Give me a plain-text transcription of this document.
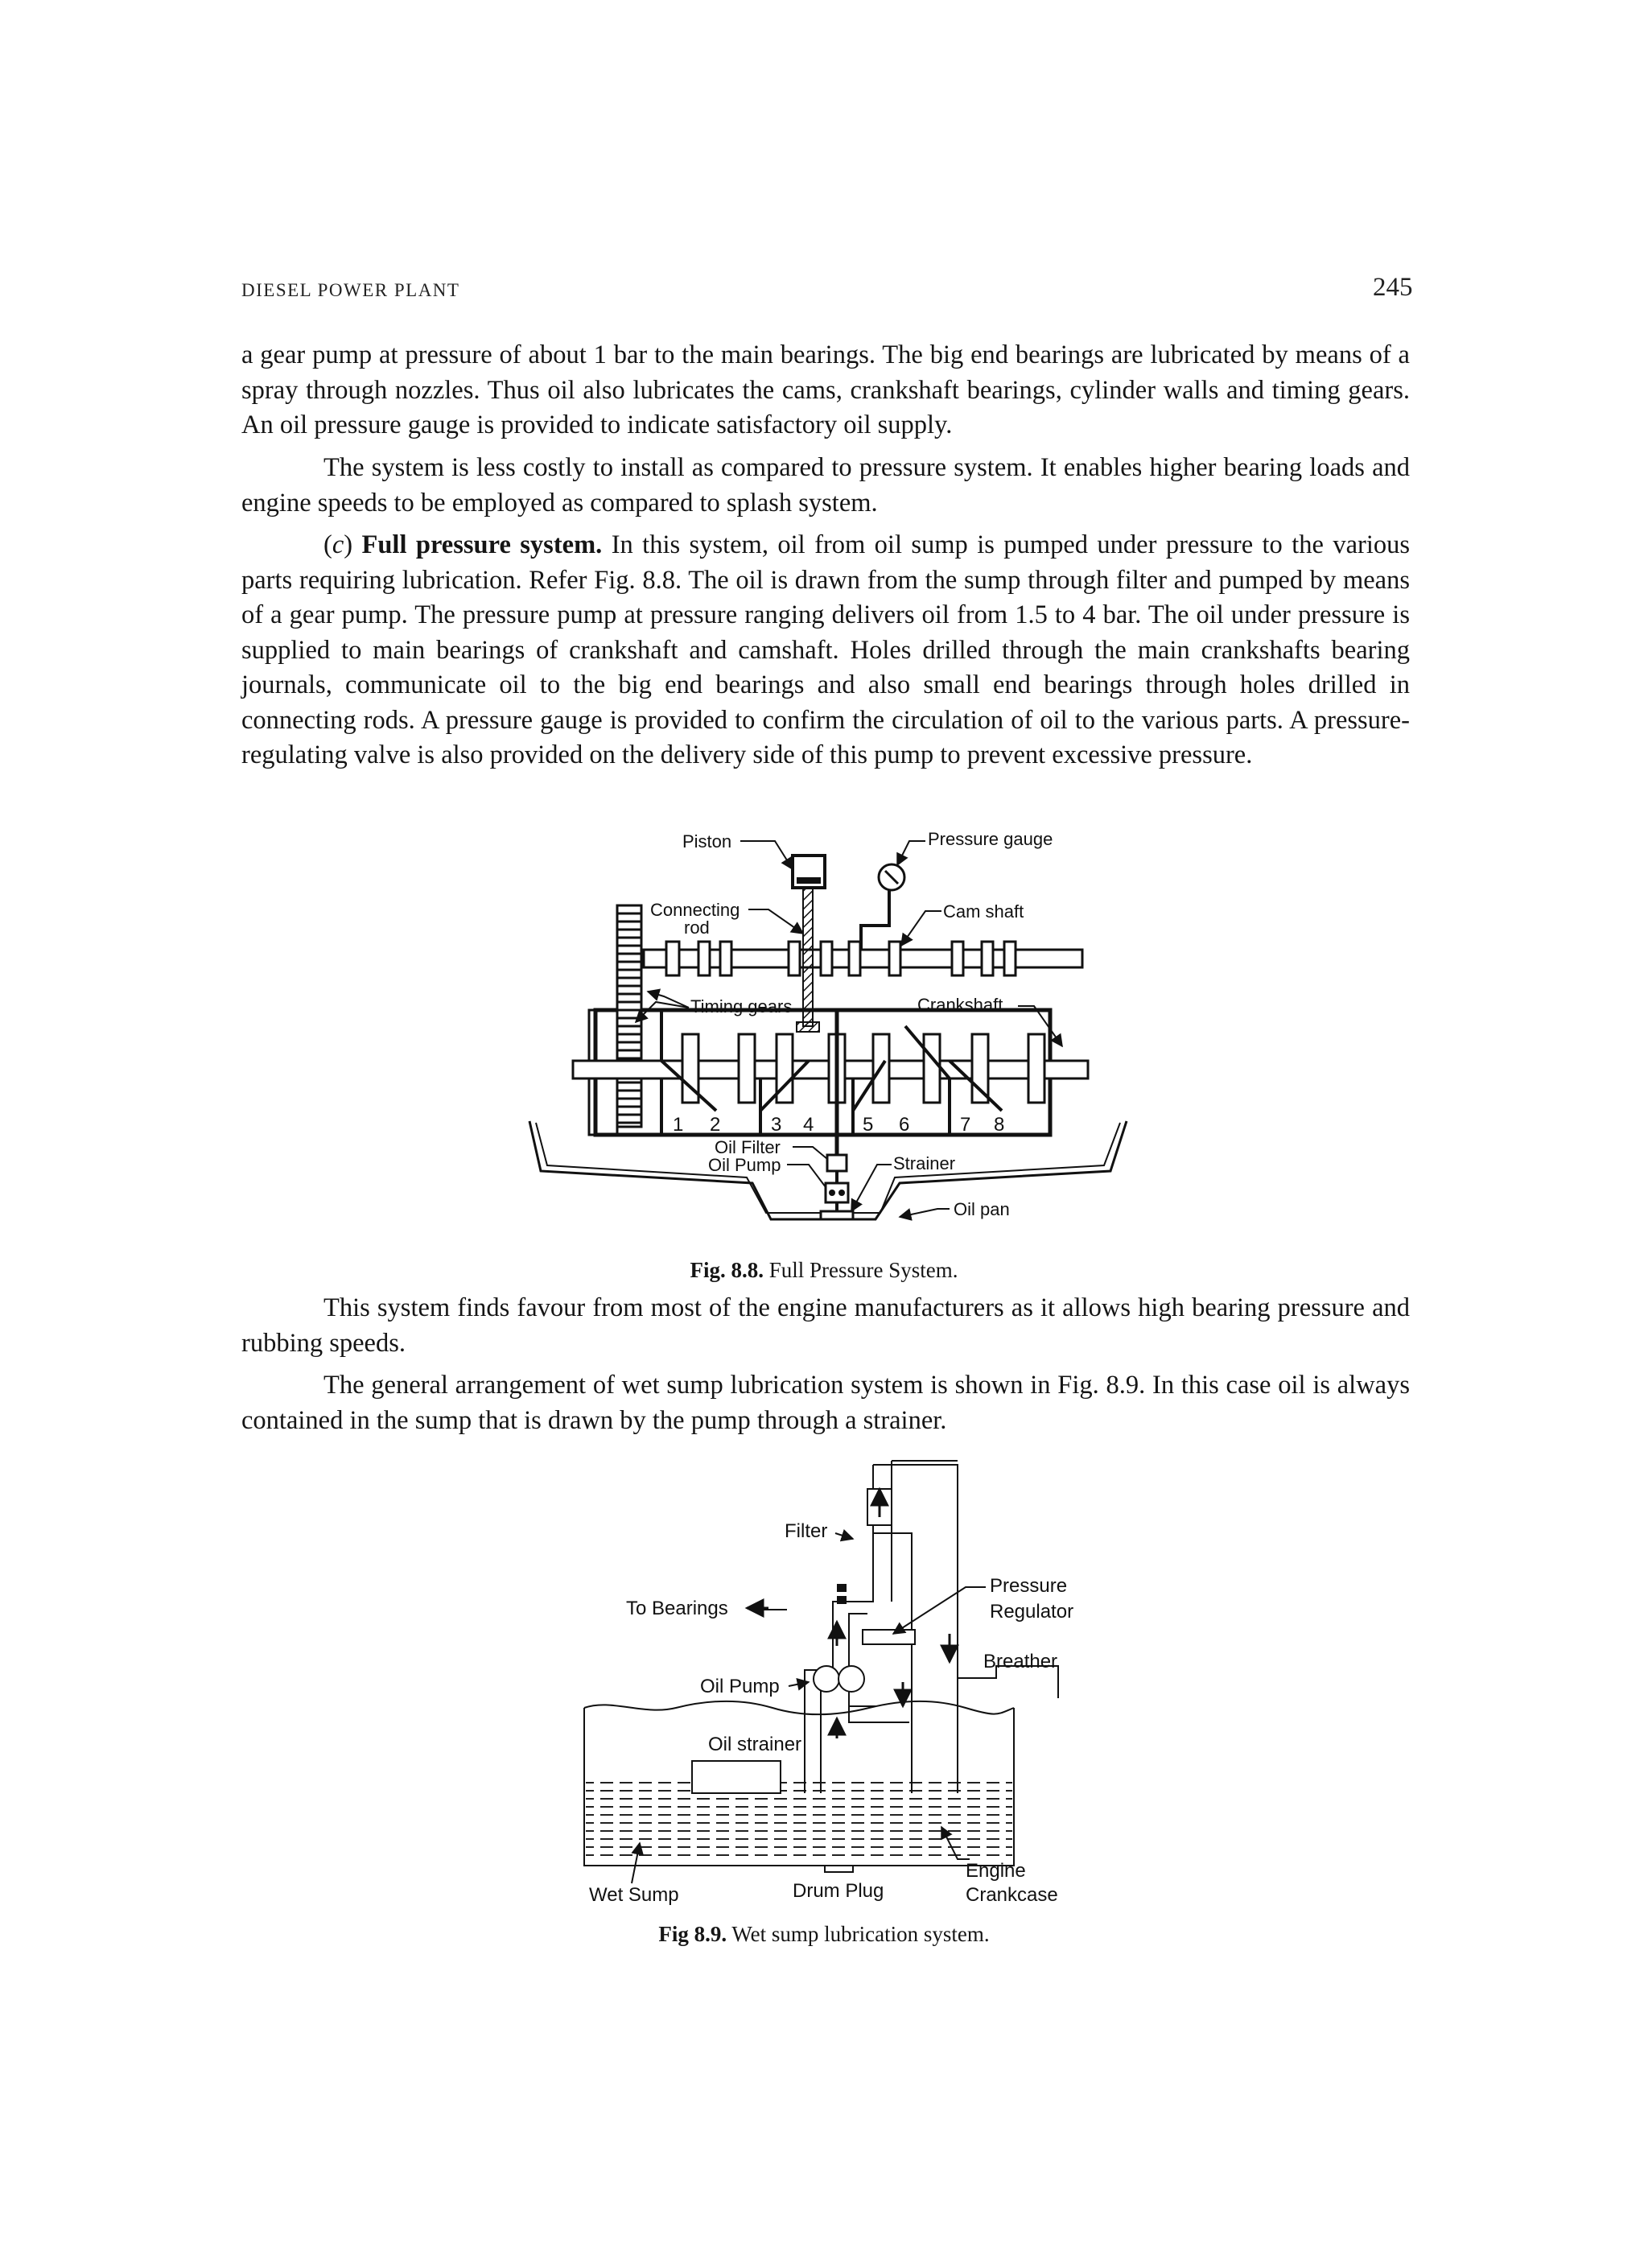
DIESEL POWER PLANT	245

a gear pump at pressure of about 1 bar to the main bearings. The big end bearings are lubricated by means of a spray through nozzles. Thus oil also lubricates the cams, crankshaft bearings, cylinder walls and timing gears. An oil pressure gauge is provided to indicate satisfactory oil supply.

The system is less costly to install as compared to pressure system. It enables higher bearing loads and engine speeds to be employed as compared to splash system.

(c) Full pressure system. In this system, oil from oil sump is pumped under pressure to the various parts requiring lubrication. Refer Fig. 8.8. The oil is drawn from the sump through filter and pumped by means of a gear pump. The pressure pump at pressure ranging delivers oil from 1.5 to 4 bar. The oil under pressure is supplied to main bearings of crankshaft and camshaft. Holes drilled through the main crankshafts bearing journals, communicate oil to the big end bearings and also small end bearings through holes drilled in connecting rods. A pressure gauge is provided to confirm the circulation of oil to the various parts. A pressure-regulating valve is also provided on the delivery side of this pump to prevent excessive pressure.

Piston	Pressure gauge
Connecting
rod
Cam shaft
Timing gears	Crankshaft
1 2	3 4	5 6	7 8
Oil Filter
Oil Pump	Strainer
Oil pan
Filter
To Bearings
Pressure
Regulator
Breather
Oil Pump
Oil strainer
Wet Sump	Drum Plug
Engine
Crankcase
Fig. 8.8. Full Pressure System.

This system finds favour from most of the engine manufacturers as it allows high bearing pressure and rubbing speeds.

The general arrangement of wet sump lubrication system is shown in Fig. 8.9. In this case oil is always contained in the sump that is drawn by the pump through a strainer.

Fig 8.9. Wet sump lubrication system.
